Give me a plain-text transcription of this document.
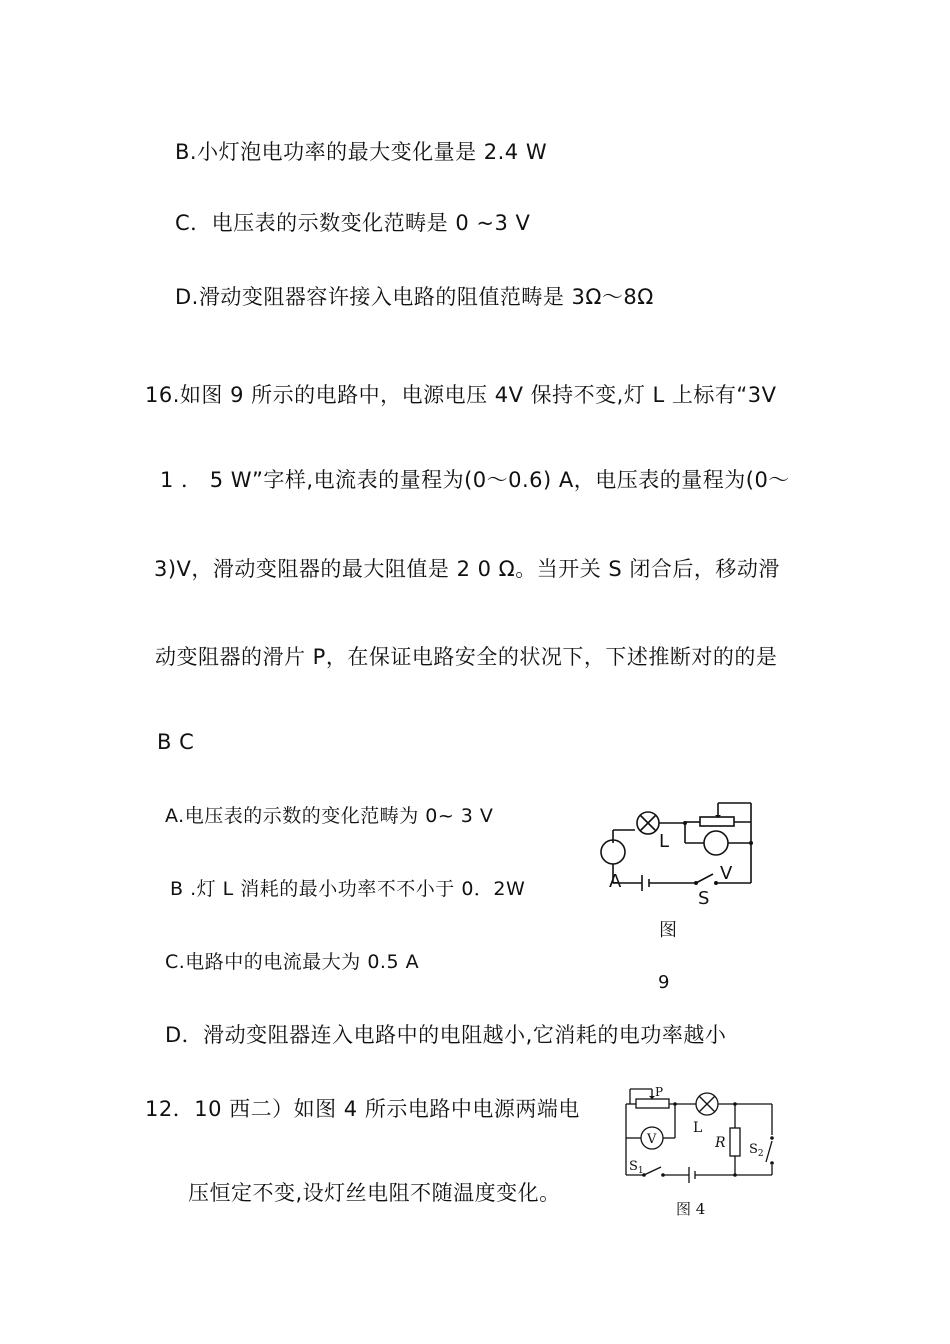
B.小灯泡电功率的最大变化量是 2.4 W
C．电压表的示数变化范畴是 0 ~3 V
D.滑动变阻器容许接入电路的阻值范畴是 3Ω～8Ω
16.如图 9 所示的电路中，电源电压 4V 保持不变,灯 L 上标有“3V
1 ． 5 W”字样,电流表的量程为(0～0.6) A，电压表的量程为(0～
3)V，滑动变阻器的最大阻值是 2 0 Ω。当开关 S 闭合后，移动滑
动变阻器的滑片 P，在保证电路安全的状况下，下述推断对的的是
B C
A.电压表的示数的变化范畴为 0~ 3 V
B .灯 L 消耗的最小功率不不小于 0．2W
C.电路中的电流最大为 0.5 A
D．滑动变阻器连入电路中的电阻越小,它消耗的电功率越小
12．10 西二）如图 4 所示电路中电源两端电
压恒定不变,设灯丝电阻不随温度变化。
L
A	V
S
图
9
P
L
V	R
$S_1$
$S_2$
图 4
